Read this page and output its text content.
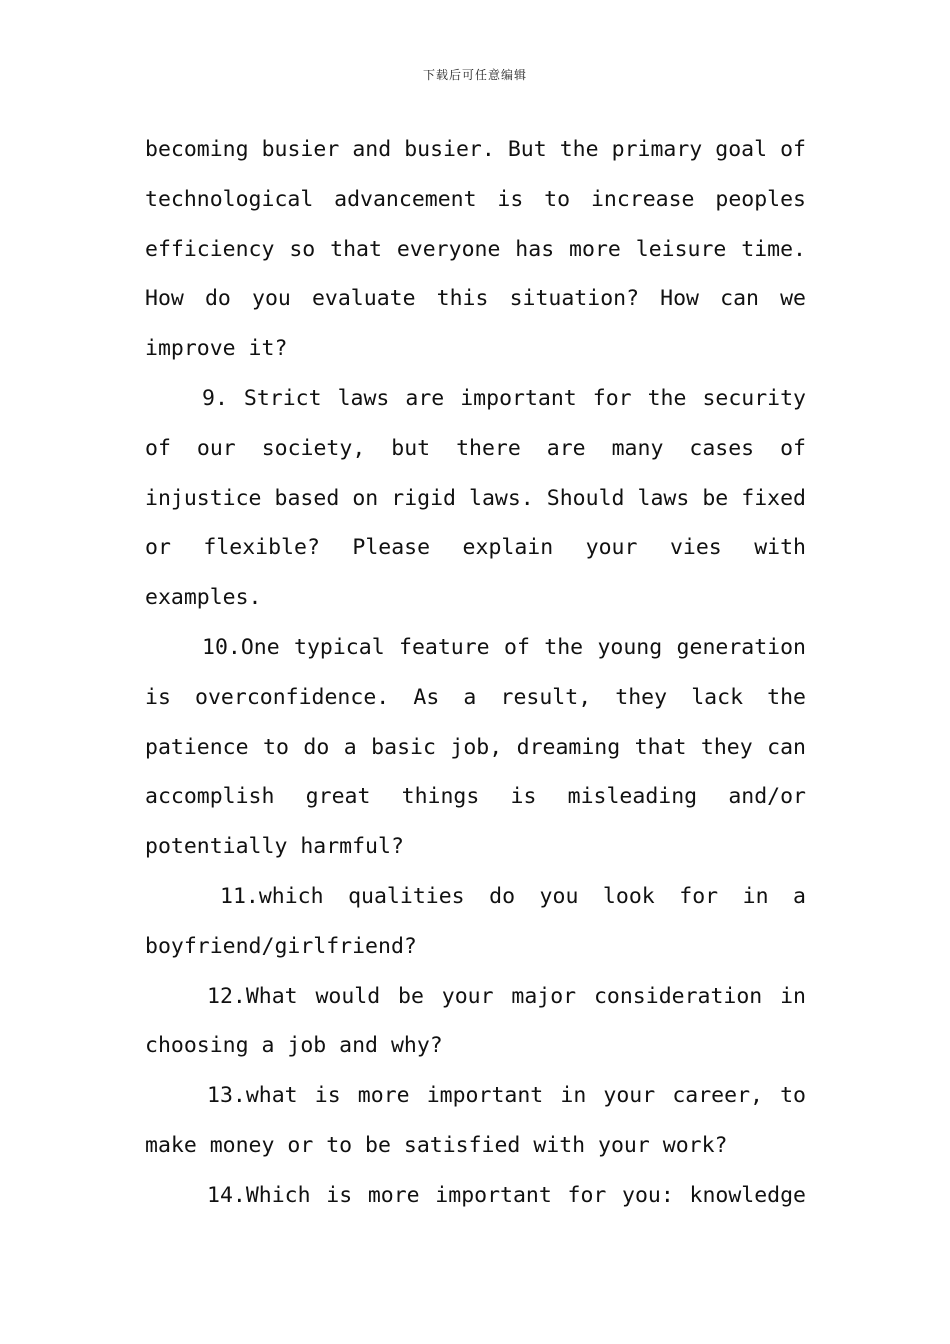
下载后可任意编辑

becoming busier and busier. But the primary goal of technological advancement is to increase peoples efficiency so that everyone has more leisure time. How do you evaluate this situation? How can we improve it?

9. Strict laws are important for the security of our society, but there are many cases of injustice based on rigid laws. Should laws be fixed or flexible? Please explain your vies with examples.

10.One typical feature of the young generation is overconfidence. As a result, they lack the patience to do a basic job, dreaming that they can accomplish great things is misleading and/or potentially harmful?

11.which qualities do you look for in a boyfriend/girlfriend?

12.What would be your major consideration in choosing a job and why?

13.what is more important in your career, to make money or to be satisfied with your work?

14.Which is more important for you: knowledge
